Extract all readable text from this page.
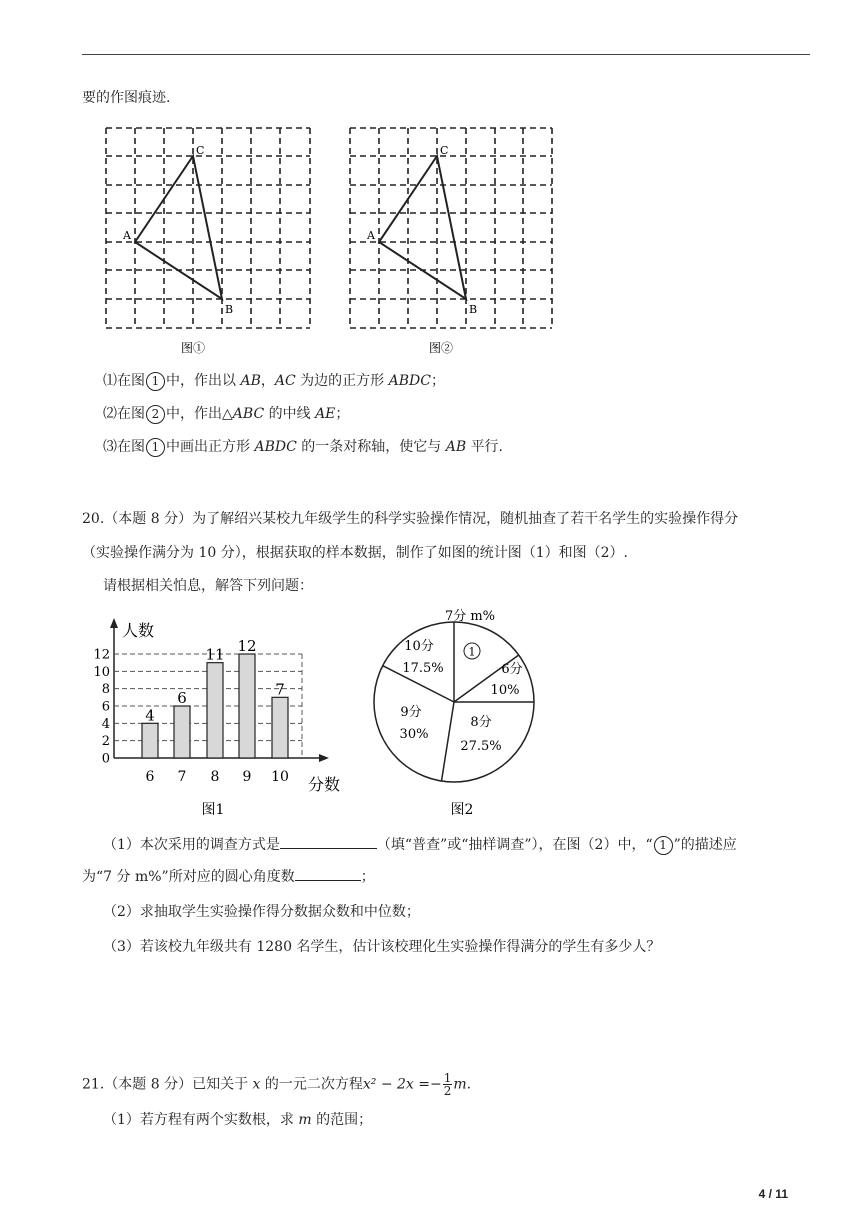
要的作图痕迹.
A
C
B
图①
A
C
B
图②
⑴在图 1 中，作出以 AB，AC 为边的正方形 ABDC；
⑵在图 2 中，作出△ABC 的中线 AE；
⑶在图 1 中画出正方形 ABDC 的一条对称轴，使它与 AB 平行.
20.（本题 8 分）为了解绍兴某校九年级学生的科学实验操作情况，随机抽查了若干名学生的实验操作得分
（实验操作满分为 10 分），根据获取的样本数据，制作了如图的统计图（1）和图（2）.
请根据相关怕息，解答下列问题：
人数
分数
图1
0
2
4
6
8
10
12
4
6
6
7
11
8
12
9
7
10
7分 m%
1
6分
10%
8分
27.5%
9分
30%
10分
17.5%
图2
（1）本次采用的调查方式是	（填“普查”或“抽样调查”），在图（2）中，“ 1 ”的描述应
为“7 分 m%”所对应的圆心角度数	；
（2）求抽取学生实验操作得分数据众数和中位数；
（3）若该校九年级共有 1280 名学生，估计该校理化生实验操作得满分的学生有多少人？
21.（本题 8 分）已知关于 x 的一元二次方程$x^2 - 2x =- \frac{1}{2} m$.
（1）若方程有两个实数根，求 m 的范围；
4 / 11
